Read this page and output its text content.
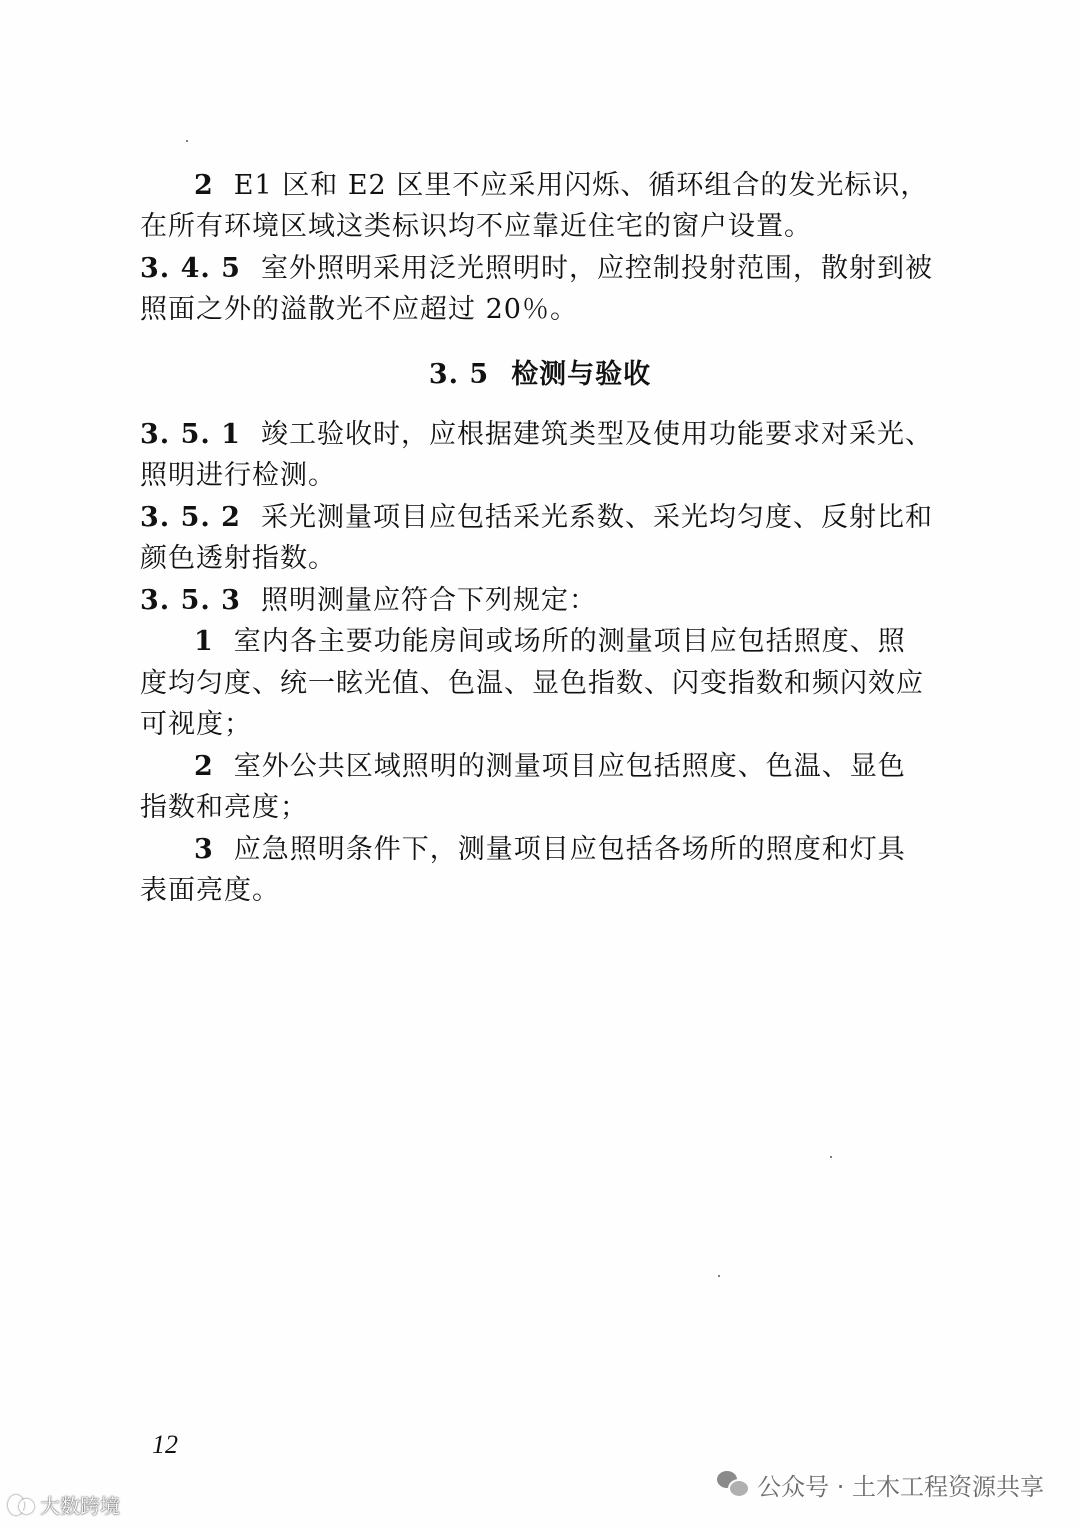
2 E1 区和 E2 区里不应采用闪烁、循环组合的发光标识，
在所有环境区域这类标识均不应靠近住宅的窗户设置。
3. 4. 5 室外照明采用泛光照明时，应控制投射范围，散射到被
照面之外的溢散光不应超过 20％。
3. 5 检测与验收
3. 5. 1 竣工验收时，应根据建筑类型及使用功能要求对采光、
照明进行检测。
3. 5. 2 采光测量项目应包括采光系数、采光均匀度、反射比和
颜色透射指数。
3. 5. 3 照明测量应符合下列规定：
1 室内各主要功能房间或场所的测量项目应包括照度、照
度均匀度、统一眩光值、色温、显色指数、闪变指数和频闪效应
可视度；
2 室外公共区域照明的测量项目应包括照度、色温、显色
指数和亮度；
3 应急照明条件下，测量项目应包括各场所的照度和灯具
表面亮度。
12
公众号 · 土木工程资源共享
大数跨境
